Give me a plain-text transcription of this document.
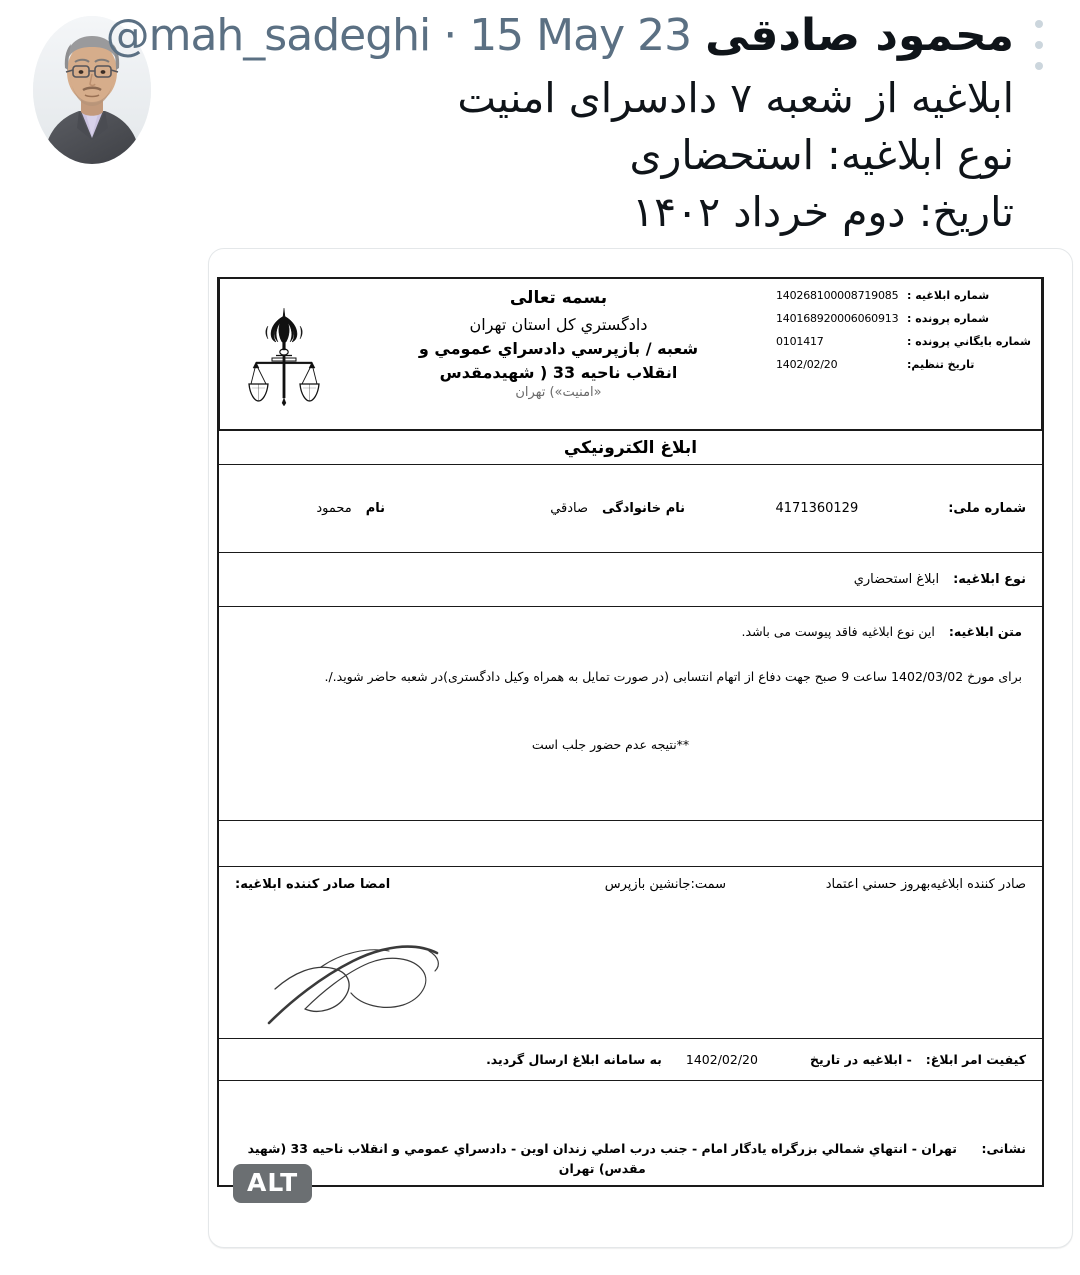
محمود صادقی @mah_sadeghi · 15 May 23
ابلاغیه از شعبه ۷ دادسرای امنیت
نوع ابلاغیه: استحضاری
تاریخ: دوم خرداد ۱۴۰۲
ALT
شماره ابلاغيه :
140268100008719085
شماره پرونده :
140168920006060913
شماره بايگاني پرونده :
0101417
تاریخ تنظیم:
1402/02/20
بسمه تعالی
دادگستري كل استان تهران
شعبه / بازپرسي دادسراي عمومي و
انقلاب ناحيه 33 ( شهيدمقدس
«امنيت») تهران
ابلاغ الكترونيكي
شماره ملی:
4171360129
نام خانوادگی
صادقي
نام
محمود
نوع ابلاغيه:
ابلاغ استحضاري
متن ابلاغيه:
این نوع ابلاغیه فاقد پیوست می باشد.
برای مورخ 1402/03/02 ساعت 9 صبح جهت دفاع از اتهام انتسابی (در صورت تمایل به همراه وکیل دادگستری)در شعبه حاضر شوید./.
**نتیجه عدم حضور جلب است
صادر كننده ابلاغيه
بهروز حسني اعتماد
سمت:
جانشين بازپرس
امضا صادر كننده ابلاغيه:
كيفيت امر ابلاغ:
- ابلاغيه در تاريخ
1402/02/20
به سامانه ابلاغ ارسال گرديد.
نشانی:
تهران - انتهاي شمالي بزرگراه يادگار امام - جنب درب اصلي زندان اوين - دادسراي عمومي و انقلاب ناحيه 33 (شهيد مقدس) تهران
